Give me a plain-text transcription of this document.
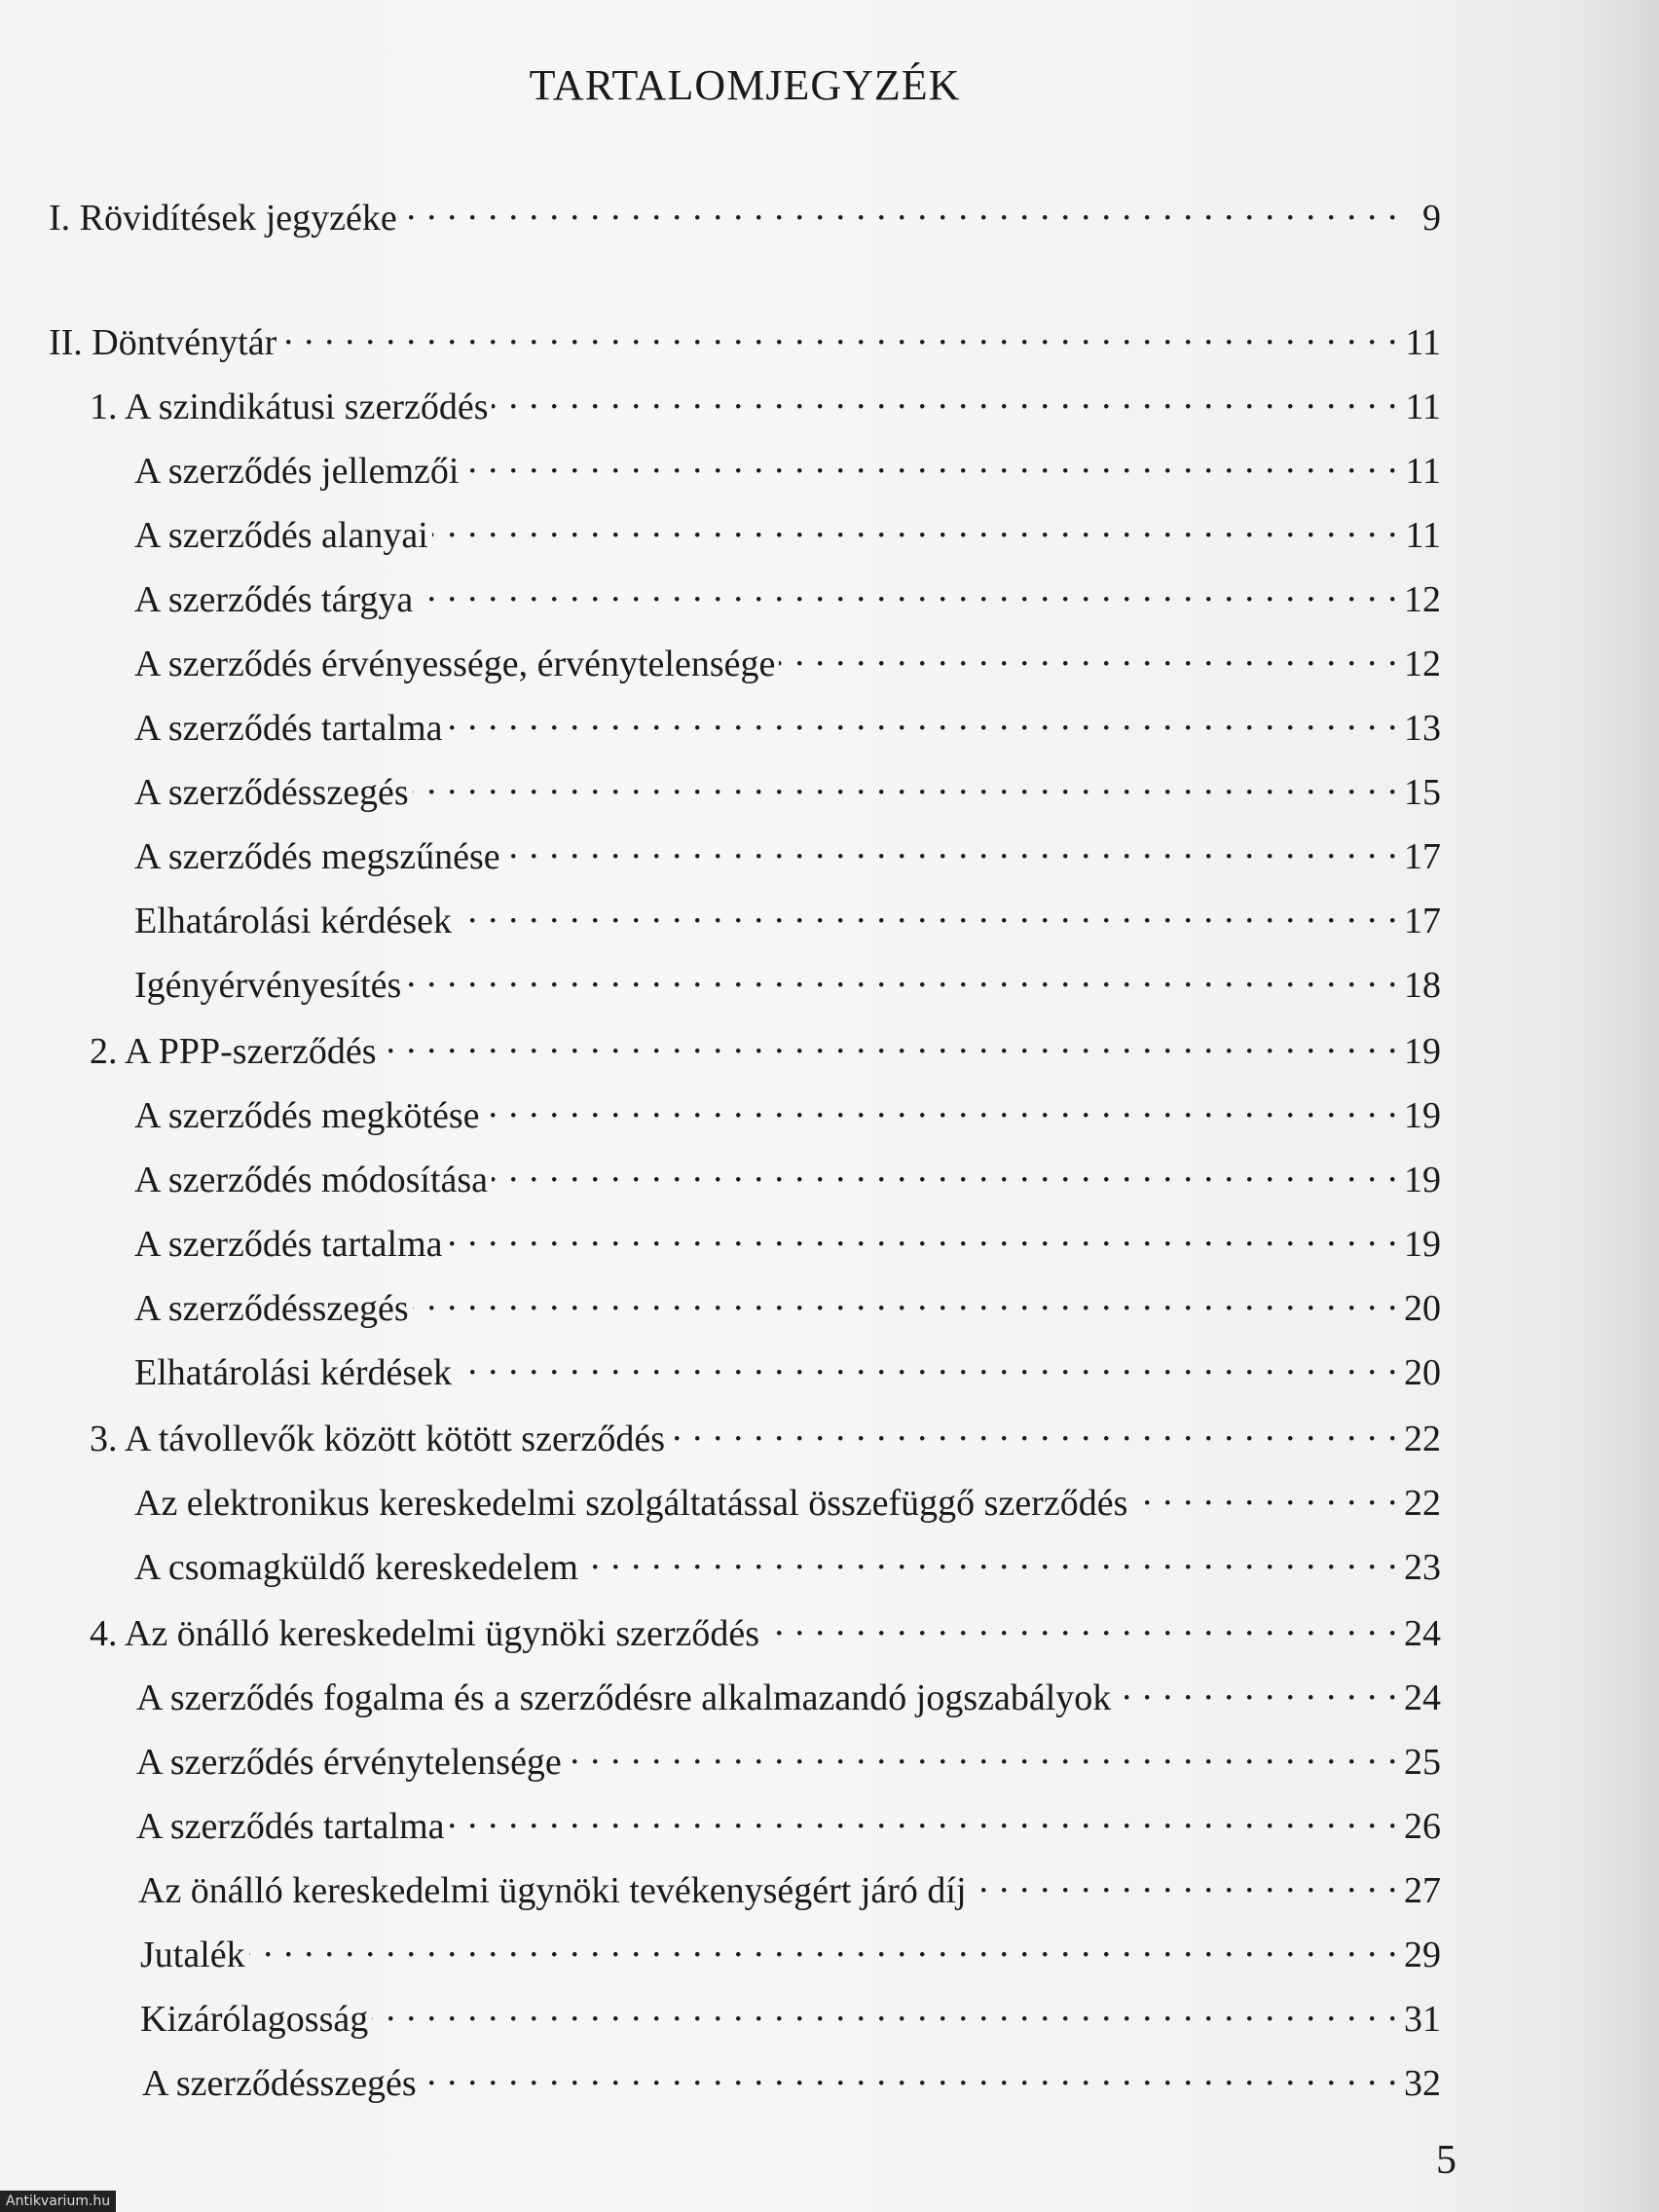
TARTALOMJEGYZÉK
I. Rövidítések jegyzéke . . .	9
II. Döntvénytár . . .	11
1. A szindikátusi szerződés . . .	11
A szerződés jellemzői . . .	11
A szerződés alanyai . . .	11
A szerződés tárgya . . .	12
A szerződés érvényessége, érvénytelensége . . .	12
A szerződés tartalma . . .	13
A szerződésszegés . . .	15
A szerződés megszűnése . . .	17
Elhatárolási kérdések . . .	17
Igényérvényesítés . . .	18
2. A PPP-szerződés . . .	19
A szerződés megkötése . . .	19
A szerződés módosítása . . .	19
A szerződés tartalma . . .	19
A szerződésszegés . . .	20
Elhatárolási kérdések . . .	20
3. A távollevők között kötött szerződés . . .	22
Az elektronikus kereskedelmi szolgáltatással összefüggő szerződés . . .	22
A csomagküldő kereskedelem . . .	23
4. Az önálló kereskedelmi ügynöki szerződés . . .	24
A szerződés fogalma és a szerződésre alkalmazandó jogszabályok . . .	24
A szerződés érvénytelensége . . .	25
A szerződés tartalma . . .	26
Az önálló kereskedelmi ügynöki tevékenységért járó díj . . .	27
Jutalék . . .	29
Kizárólagosság . . .	31
A szerződésszegés . . .	32
5
Antikvarium.hu
